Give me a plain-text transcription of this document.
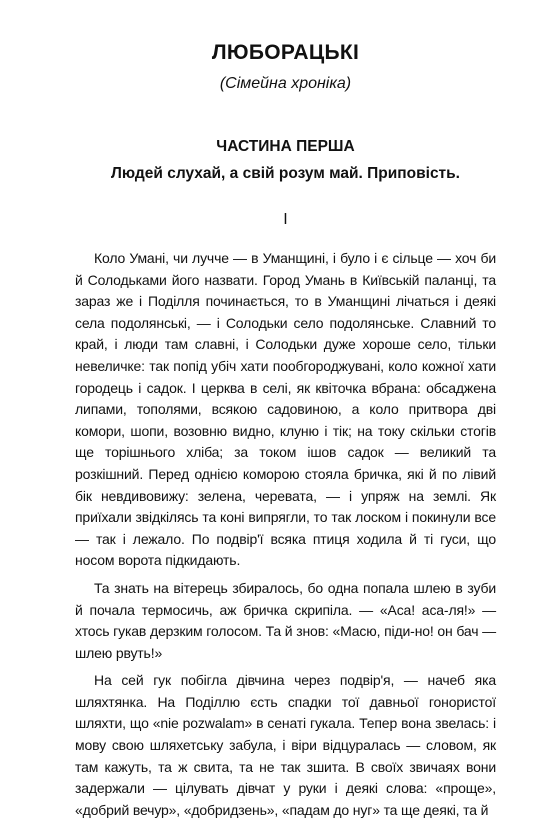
ЛЮБОРАЦЬКІ

(Сімейна хроніка)

ЧАСТИНА ПЕРША

Людей слухай, а свій розум май. Приповість.

I

Коло Умані, чи лучче — в Уманщині, і було і є сільце — хоч би й Солодьками його назвати. Город Умань в Київській паланці, та зараз же і Поділля починається, то в Уманщині лічаться і деякі села подолянські, — і Солодьки село подолянське. Славний то край, і люди там славні, і Солодьки дуже хороше село, тільки невеличке: так попід убіч хати пообгороджувані, коло кожної хати городець і садок. І церква в селі, як квіточка вбрана: обсаджена липами, тополями, всякою садовиною, а коло притвора дві комори, шопи, возовню видно, клуню і тік; на току скільки стогів ще торішнього хліба; за током ішов садок — великий та розкішний. Перед однією коморою стояла бричка, які й по лівий бік невдивовижу: зелена, черевата, — і упряж на землі. Як приїхали звідкілясь та коні випрягли, то так лоском і покинули все — так і лежало. По подвір'ї всяка птиця ходила й ті гуси, що носом ворота підкидають.

Та знать на вітерець збиралось, бо одна попала шлею в зуби й почала термосичь, аж бричка скрипіла. — «Аса! аса-ля!» — хтось гукав дерзким голосом. Та й знов: «Масю, піди-но! он бач — шлею рвуть!»

На сей гук побігла дівчина через подвір'я, — начеб яка шляхтянка. На Поділлю єсть спадки тої давньої гонористої шляхти, що «nie pozwalam» в сенаті гукала. Тепер вона звелась: і мову свою шляхетську забула, і віри відцуралась — словом, як там кажуть, та ж свита, та не так зшита. В своїх звичаях вони задержали — цілувать дівчат у руки і деякі слова: «проще», «добрий вечур», «добридзень», «падам до нуг» та ще деякі, та й
